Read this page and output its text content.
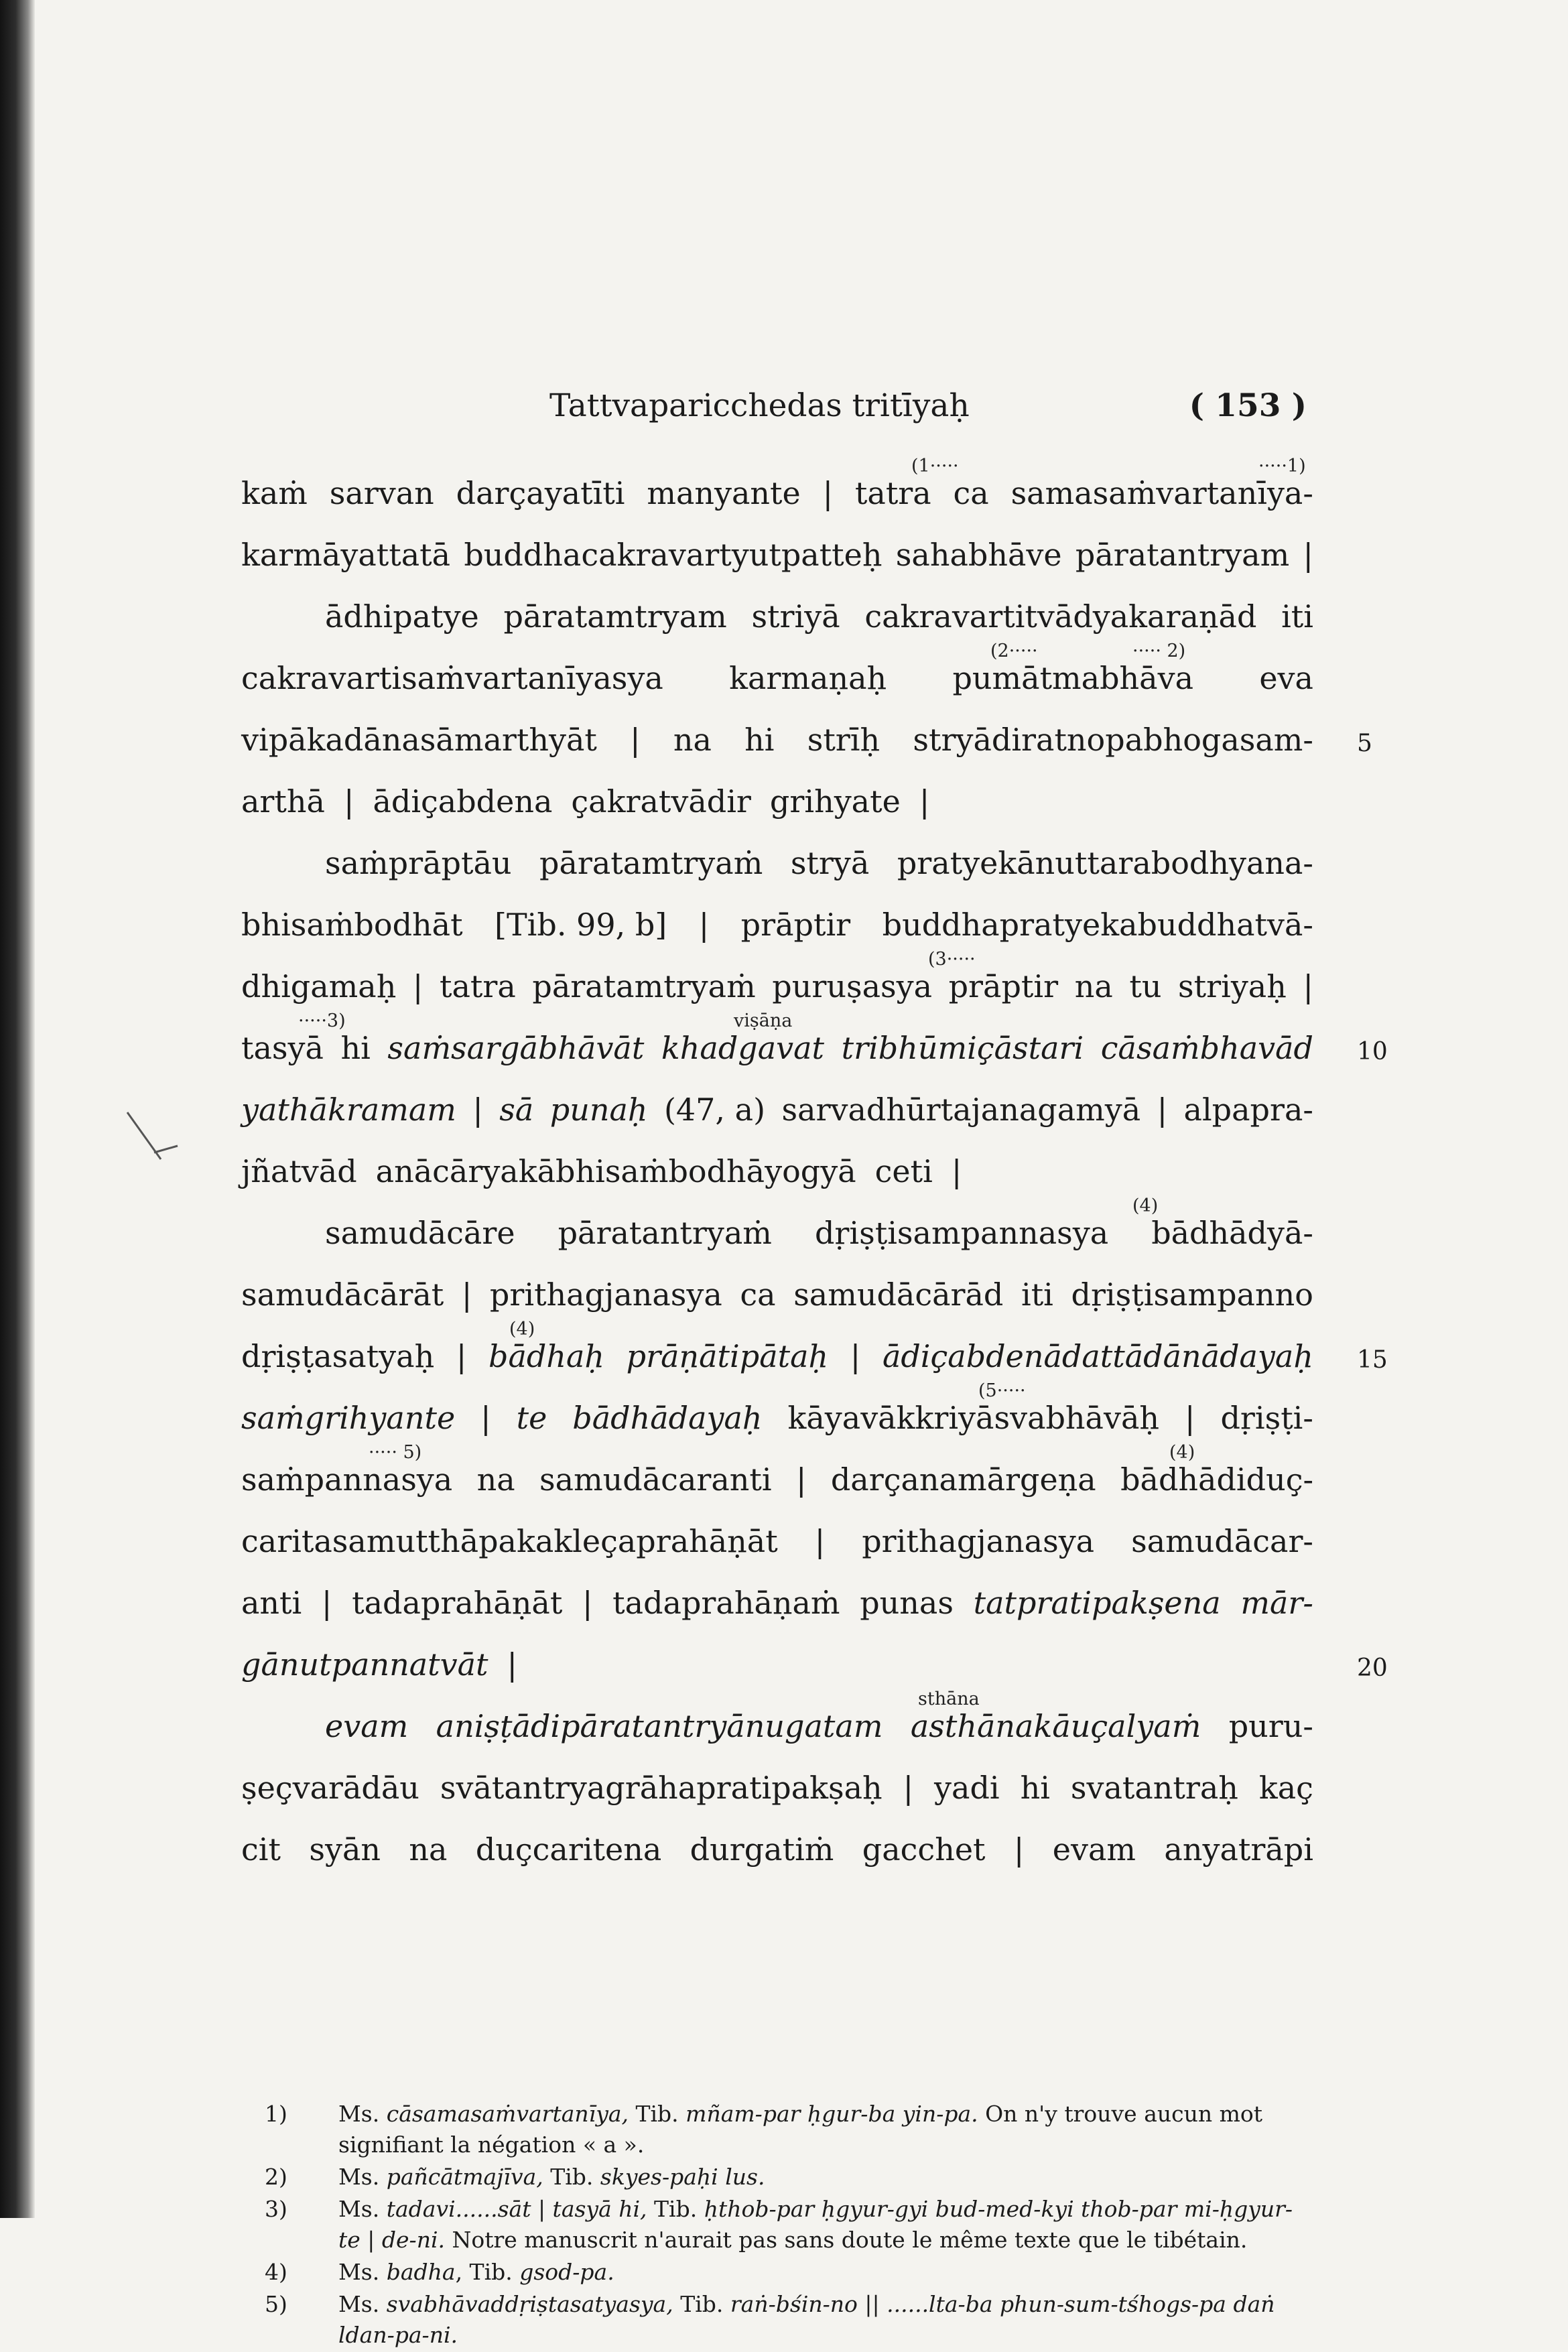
Tattvaparicchedas tritīyaḥ	( 153 )
kaṁ sarvan darçayatīti manyante | tatra ca samasaṁvartanīya-
(1·····	·····1)
karmāyattatā buddhacakravartyutpatteḥ sahabhāve pāratantryam |
ādhipatye pāratamtryam striyā cakravartitvādyakaraṇād iti
cakravartisaṁvartanīyasya karmaṇaḥ pumātmabhāva eva
(2·····	····· 2)
vipākadānasāmarthyāt | na hi strīḥ stryādiratnopabhogasam- 5
arthā | ādiçabdena çakratvādir grihyate |
saṁprāptāu pāratamtryaṁ stryā pratyekānuttarabodhyana-
bhisaṁbodhāt [Tib. 99, b] | prāptir buddhapratyekabuddhatvā-
dhigamaḥ | tatra pāratamtryaṁ puruṣasya prāptir na tu striyaḥ |
(3·····
tasyā hi saṁsargābhāvāt khadgavat tribhūmiçāstari cāsaṁbhavād 10
·····3)	viṣāṇa
yathākramam | sā punaḥ (47, a) sarvadhūrtajanagamyā | alpapra-
jñatvād anācāryakābhisaṁbodhāyogyā ceti |
samudācāre pāratantryaṁ dṛiṣṭisampannasya bādhādyā-
(4)
samudācārāt | prithagjanasya ca samudācārād iti dṛiṣṭisampanno
dṛiṣṭasatyaḥ | bādhaḥ prāṇātipātaḥ | ādiçabdenādattādānādayaḥ 15
(4)
saṁgrihyante | te bādhādayaḥ kāyavākkriyāsvabhāvāḥ | dṛiṣṭi-
(5·····
saṁpannasya na samudācaranti | darçanamārgeṇa bādhādiduç-
····· 5)	(4)
caritasamutthāpakakleçaprahāṇāt | prithagjanasya samudācar-
anti | tadaprahāṇāt | tadaprahāṇaṁ punas tatpratipakṣena mār-
gānutpannatvāt |	20
evam aniṣṭādipāratantryānugatam asthānakāuçalyaṁ puru-
sthāna
ṣeçvarādāu svātantryagrāhapratipakṣaḥ | yadi hi svatantraḥ kaç
cit syān na duçcaritena durgatiṁ gacchet | evam anyatrāpi
1) Ms. cāsamasaṁvartanīya, Tib. mñam-par ḥgur-ba yin-pa. On n'y trouve aucun mot signifiant la négation « a ».
2) Ms. pañcātmajīva, Tib. skyes-paḥi lus.
3) Ms. tadavi......sāt | tasyā hi, Tib. ḥthob-par ḥgyur-gyi bud-med-kyi thob-par mi-ḥgyur-te | de-ni. Notre manuscrit n'aurait pas sans doute le même texte que le tibétain.
4) Ms. badha, Tib. gsod-pa.
5) Ms. svabhāvaddṛiṣtasatyasya, Tib. raṅ-bśin-no || ......lta-ba phun-sum-tśhogs-pa daṅ ldan-pa-ni.
